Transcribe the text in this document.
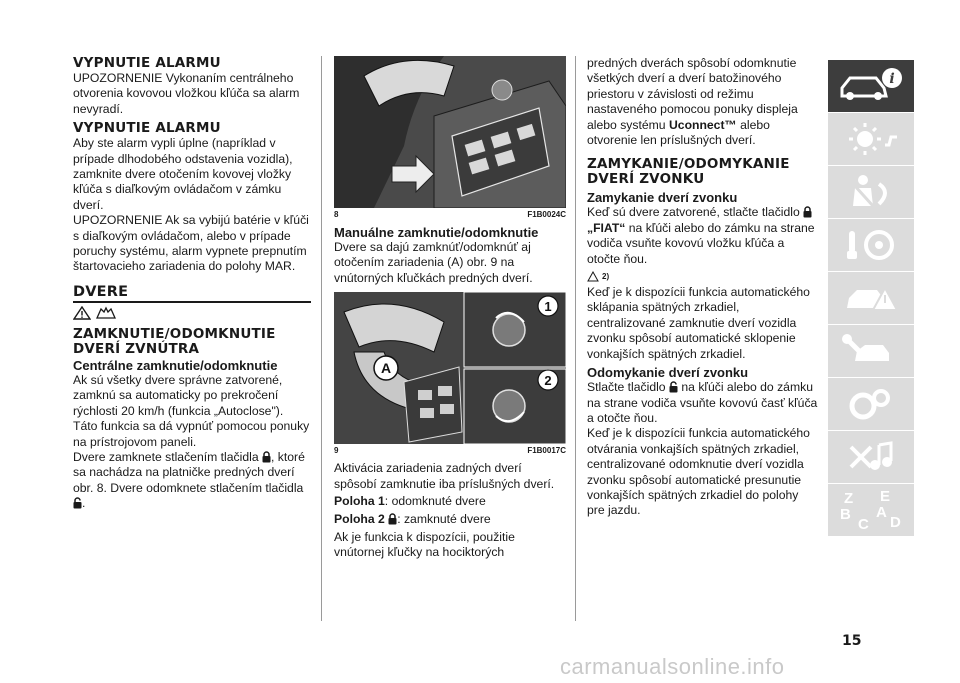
VYPNUTIE ALARMU

UPOZORNENIE Vykonaním centrálneho otvorenia kovovou vložkou kľúča sa alarm nevyradí.

VYPNUTIE ALARMU

Aby ste alarm vypli úplne (napríklad v prípade dlhodobého odstavenia vozidla), zamknite dvere otočením kovovej vložky kľúča s diaľkovým ovládačom v zámku dverí.

UPOZORNENIE Ak sa vybijú batérie v kľúči s diaľkovým ovládačom, alebo v prípade poruchy systému, alarm vypnete prepnutím štartovacieho zariadenia do polohy MAR.

DVERE

ZAMKNUTIE/ODOMKNUTIE DVERÍ ZVNÚTRA
Centrálne zamknutie/odomknutie

Ak sú všetky dvere správne zatvorené, zamknú sa automaticky po prekročení rýchlosti 20 km/h (funkcia „Autoclose").

Táto funkcia sa dá vypnúť pomocou ponuky na prístrojovom paneli.

Dvere zamknete stlačením tlačidla , ktoré sa nachádza na platničke predných dverí obr. 8. Dvere odomknete stlačením tlačidla .

8	F1B0024C
Manuálne zamknutie/odomknutie

Dvere sa dajú zamknúť/odomknúť aj otočením zariadenia (A) obr. 9 na vnútorných kľučkách predných dverí.

A
1
2
9	F1B0017C

Aktivácia zariadenia zadných dverí spôsobí zamknutie iba príslušných dverí.

Poloha 1: odomknuté dvere

Poloha 2 : zamknuté dvere

Ak je funkcia k dispozícii, použitie vnútornej kľučky na hociktorých

predných dverách spôsobí odomknutie všetkých dverí a dverí batožinového priestoru v závislosti od režimu nastaveného pomocou ponuky displeja alebo systému Uconnect™ alebo otvorenie len príslušných dverí.

ZAMYKANIE/ODOMYKANIE DVERÍ ZVONKU
Zamykanie dverí zvonku

Keď sú dvere zatvorené, stlačte tlačidlo  „FIAT“ na kľúči alebo do zámku na strane vodiča vsuňte kovovú vložku kľúča a otočte ňou.

2)

Keď je k dispozícii funkcia automatického sklápania spätných zrkadiel, centralizované zamknutie dverí vozidla zvonku spôsobí automatické sklopenie vonkajších spätných zrkadiel.

Odomykanie dverí zvonku

Stlačte tlačidlo na kľúči alebo do zámku na strane vodiča vsuňte kovovú časť kľúča a otočte ňou.

Keď je k dispozícii funkcia automatického otvárania vonkajších spätných zrkadiel, centralizované odomknutie dverí vozidla zvonku spôsobí automatické presunutie vonkajších spätných zrkadiel do polohy pre jazdu.

i
Z E
B A
C D
15
carmanualsonline.info
